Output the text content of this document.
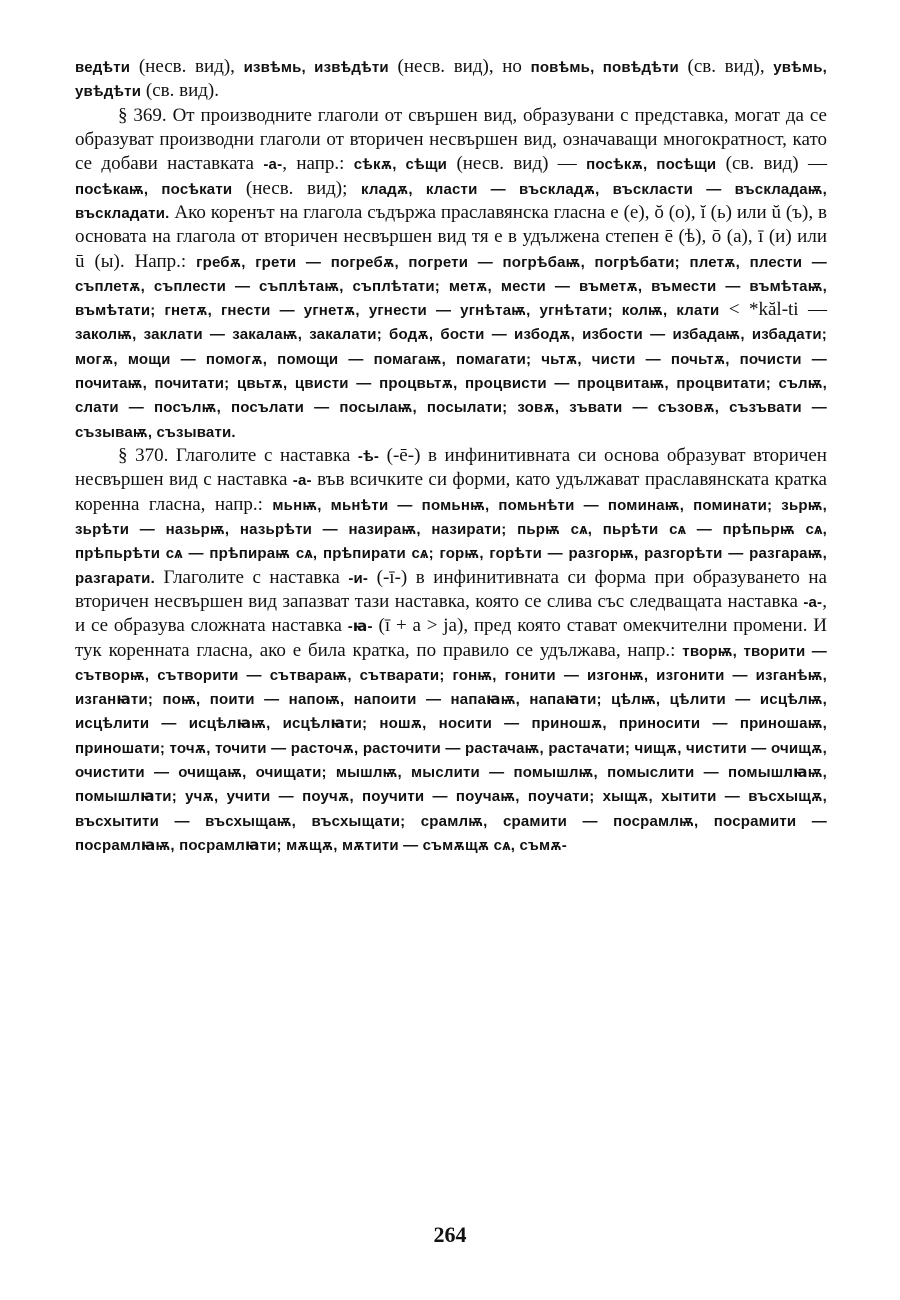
ведѣти (несв. вид), извѣмь, извѣдѣти (несв. вид), но повѣмь, повѣдѣти (св. вид), увѣмь, увѣдѣти (св. вид).

§ 369. От производните глаголи от свършен вид, образувани с представка, могат да се образуват производни глаголи от вторичен несвършен вид, означаващи многократност, като се добави наставката -а-, напр.: сѣкѫ, сѣщи (несв. вид) — посѣкѫ, посѣщи (св. вид) — посѣкаѭ, посѣкати (несв. вид); кладѫ, класти — въскладѫ, въскласти — въскладаѭ, въскладати. Ако коренът на глагола съдържа праславянска гласна e (е), ŏ (о), ĭ (ь) или ŭ (ъ), в основата на глагола от вторичен несвършен вид тя е в удължена степен ē (ѣ), ō (а), ī (и) или ū (ы). Напр.: гребѫ, грети — погребѫ, погрети — погрѣбаѭ, погрѣбати; плетѫ, плести — съплетѫ, съплести — съплѣтаѭ, съплѣтати; метѫ, мести — въметѫ, въмести — въмѣтаѭ, въмѣтати; гнетѫ, гнести — угнетѫ, угнести — угнѣтаѭ, угнѣтати; колѭ, клати < *kăl-ti — заколѭ, заклати — закалаѭ, закалати; бодѫ, бости — избодѫ, избости — избадаѭ, избадати; могѫ, мощи — помогѫ, помощи — помагаѭ, помагати; чьтѫ, чисти — почьтѫ, почисти — почитаѭ, почитати; цвьтѫ, цвисти — процвьтѫ, процвисти — процвитаѭ, процвитати; сълѭ, слати — посълѭ, посълати — посылаѭ, посылати; зовѫ, зъвати — съзовѫ, съзъвати — съзываѭ, съзывати.

§ 370. Глаголите с наставка -ѣ- (-ē-) в инфинитивната си основа образуват вторичен несвършен вид с наставка -а- във всичките си форми, като удължават праславянската кратка коренна гласна, напр.: мьнѭ, мьнѣти — помьнѭ, помьнѣти — поминаѭ, поминати; зьрѭ, зьрѣти — назьрѭ, назьрѣти — назираѭ, назирати; пьрѭ сѧ, пьрѣти сѧ — прѣпьрѭ сѧ, прѣпьрѣти сѧ — прѣпираѭ сѧ, прѣпирати сѧ; горѭ, горѣти — разгорѭ, разгорѣти — разгараѭ, разгарати. Глаголите с наставка -и- (-ī-) в инфинитивната си форма при образуването на вторичен несвършен вид запазват тази наставка, която се слива със следващата наставка -а-, и се образува сложната наставка -ꙗ- (ī + a > ja), пред която стават омекчителни промени. И тук коренната гласна, ако е била кратка, по правило се удължава, напр.: творѭ, творити — сътворѭ, сътворити — сътвараѭ, сътварати; гонѭ, гонити — изгонѭ, изгонити — изганѣѭ, изганꙗти; поѭ, поити — напоѭ, напоити — напаꙗѭ, напаꙗти; цѣлѭ, цѣлити — исцѣлѭ, исцѣлити — исцѣлꙗѭ, исцѣлꙗти; ношѫ, носити — приношѫ, приносити — приношаѭ, приношати; точѫ, точити — расточѫ, расточити — растачаѭ, растачати; чищѫ, чистити — очищѫ, очистити — очищаѭ, очищати; мышлѭ, мыслити — помышлѭ, помыслити — помышлꙗѭ, помышлꙗти; учѫ, учити — поучѫ, поучити — поучаѭ, поучати; хыщѫ, хытити — въсхыщѫ, въсхытити — въсхыщаѭ, въсхыщати; срамлѭ, срамити — посрамлѭ, посрамити — посрамлꙗѭ, посрамлꙗти; мѫщѫ, мѫтити — съмѫщѫ сѧ, съмѫ-

264
